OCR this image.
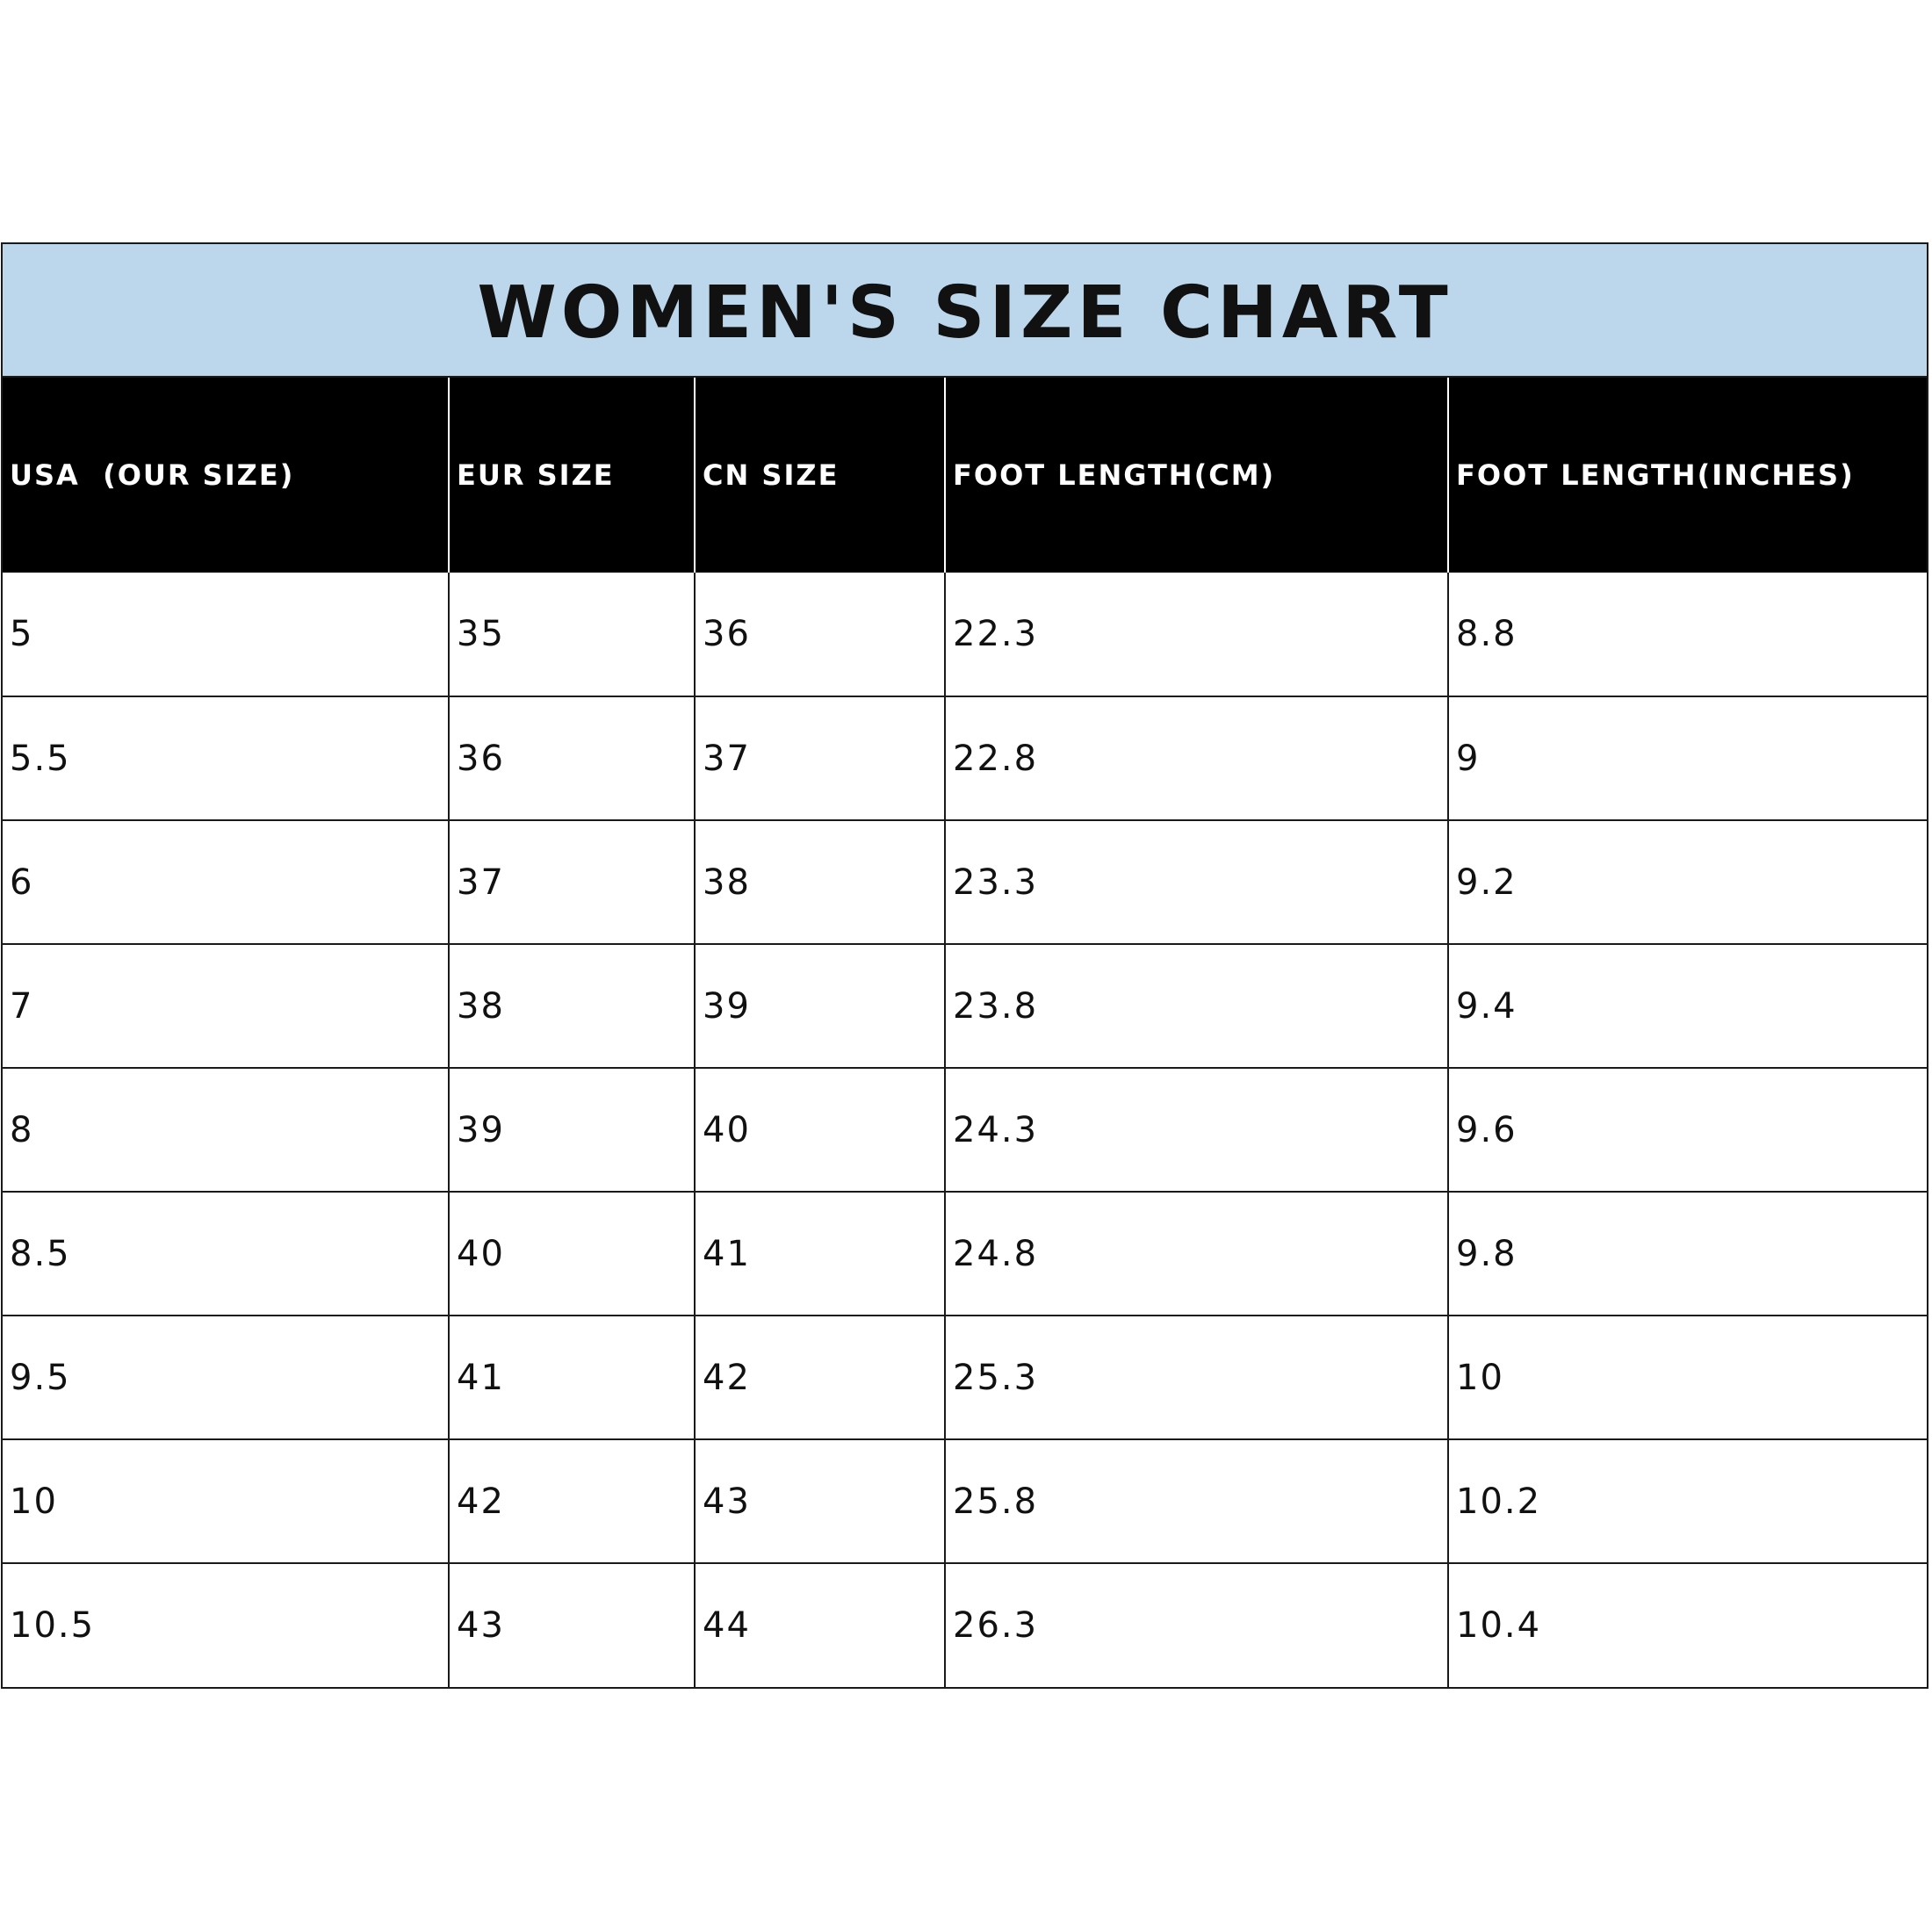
WOMEN'S SIZE CHART
USA  (OUR SIZE)	EUR SIZE	CN SIZE	FOOT LENGTH(CM)	FOOT LENGTH(INCHES)
5	35	36	22.3	8.8
5.5	36	37	22.8	9
6	37	38	23.3	9.2
7	38	39	23.8	9.4
8	39	40	24.3	9.6
8.5	40	41	24.8	9.8
9.5	41	42	25.3	10
10	42	43	25.8	10.2
10.5	43	44	26.3	10.4
